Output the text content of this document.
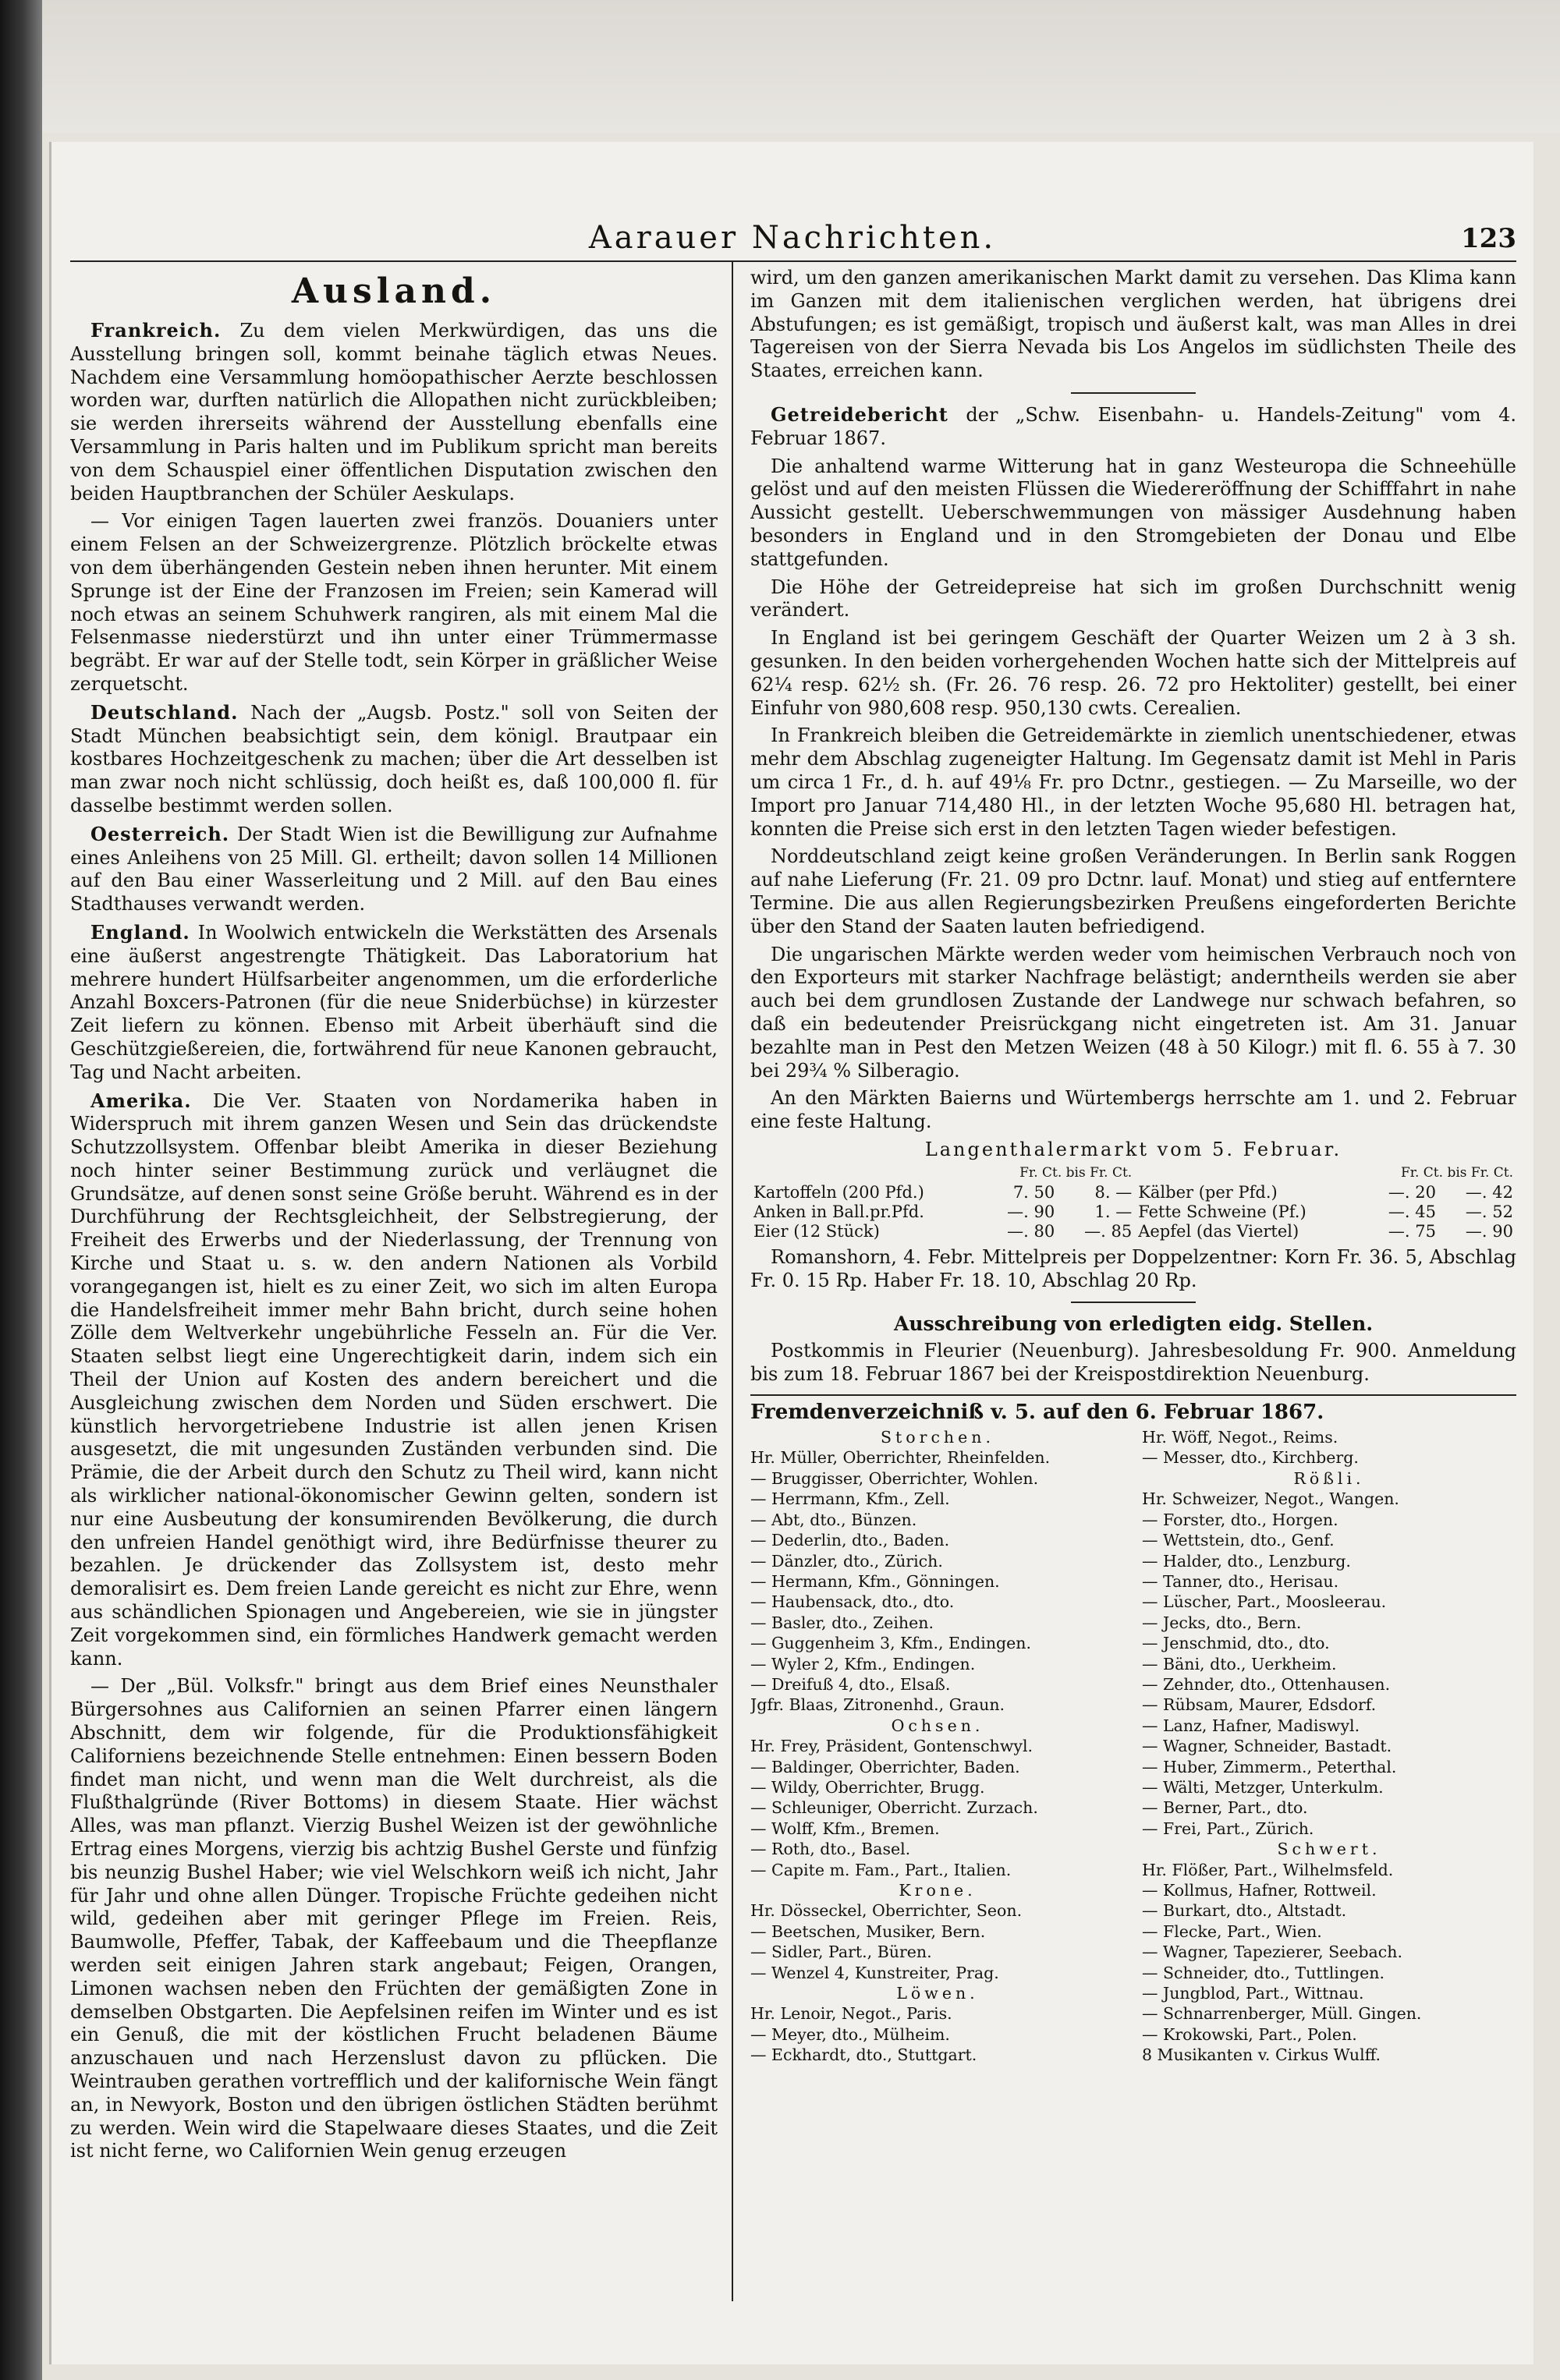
Aarauer Nachrichten.	123
Ausland.

Frankreich. Zu dem vielen Merkwürdigen, das uns die Ausstellung bringen soll, kommt beinahe täglich etwas Neues. Nachdem eine Versammlung homöopathischer Aerzte beschlossen worden war, durften natürlich die Allopathen nicht zurückbleiben; sie werden ihrerseits während der Ausstellung ebenfalls eine Versammlung in Paris halten und im Publikum spricht man bereits von dem Schauspiel einer öffentlichen Disputation zwischen den beiden Hauptbranchen der Schüler Aeskulaps.

— Vor einigen Tagen lauerten zwei französ. Douaniers unter einem Felsen an der Schweizergrenze. Plötzlich bröckelte etwas von dem überhängenden Gestein neben ihnen herunter. Mit einem Sprunge ist der Eine der Franzosen im Freien; sein Kamerad will noch etwas an seinem Schuhwerk rangiren, als mit einem Mal die Felsenmasse niederstürzt und ihn unter einer Trümmermasse begräbt. Er war auf der Stelle todt, sein Körper in gräßlicher Weise zerquetscht.

Deutschland. Nach der „Augsb. Postz." soll von Seiten der Stadt München beabsichtigt sein, dem königl. Brautpaar ein kostbares Hochzeitgeschenk zu machen; über die Art desselben ist man zwar noch nicht schlüssig, doch heißt es, daß 100,000 fl. für dasselbe bestimmt werden sollen.

Oesterreich. Der Stadt Wien ist die Bewilligung zur Aufnahme eines Anleihens von 25 Mill. Gl. ertheilt; davon sollen 14 Millionen auf den Bau einer Wasserleitung und 2 Mill. auf den Bau eines Stadthauses verwandt werden.

England. In Woolwich entwickeln die Werkstätten des Arsenals eine äußerst angestrengte Thätigkeit. Das Laboratorium hat mehrere hundert Hülfsarbeiter angenommen, um die erforderliche Anzahl Boxcers-Patronen (für die neue Sniderbüchse) in kürzester Zeit liefern zu können. Ebenso mit Arbeit überhäuft sind die Geschützgießereien, die, fortwährend für neue Kanonen gebraucht, Tag und Nacht arbeiten.

Amerika. Die Ver. Staaten von Nordamerika haben in Widerspruch mit ihrem ganzen Wesen und Sein das drückendste Schutzzollsystem. Offenbar bleibt Amerika in dieser Beziehung noch hinter seiner Bestimmung zurück und verläugnet die Grundsätze, auf denen sonst seine Größe beruht. Während es in der Durchführung der Rechtsgleichheit, der Selbstregierung, der Freiheit des Erwerbs und der Niederlassung, der Trennung von Kirche und Staat u. s. w. den andern Nationen als Vorbild vorangegangen ist, hielt es zu einer Zeit, wo sich im alten Europa die Handelsfreiheit immer mehr Bahn bricht, durch seine hohen Zölle dem Weltverkehr ungebührliche Fesseln an. Für die Ver. Staaten selbst liegt eine Ungerechtigkeit darin, indem sich ein Theil der Union auf Kosten des andern bereichert und die Ausgleichung zwischen dem Norden und Süden erschwert. Die künstlich hervorgetriebene Industrie ist allen jenen Krisen ausgesetzt, die mit ungesunden Zuständen verbunden sind. Die Prämie, die der Arbeit durch den Schutz zu Theil wird, kann nicht als wirklicher national-ökonomischer Gewinn gelten, sondern ist nur eine Ausbeutung der konsumirenden Bevölkerung, die durch den unfreien Handel genöthigt wird, ihre Bedürfnisse theurer zu bezahlen. Je drückender das Zollsystem ist, desto mehr demoralisirt es. Dem freien Lande gereicht es nicht zur Ehre, wenn aus schändlichen Spionagen und Angebereien, wie sie in jüngster Zeit vorgekommen sind, ein förmliches Handwerk gemacht werden kann.

— Der „Bül. Volksfr." bringt aus dem Brief eines Neunsthaler Bürgersohnes aus Californien an seinen Pfarrer einen längern Abschnitt, dem wir folgende, für die Produktionsfähigkeit Californiens bezeichnende Stelle entnehmen: Einen bessern Boden findet man nicht, und wenn man die Welt durchreist, als die Flußthalgründe (River Bottoms) in diesem Staate. Hier wächst Alles, was man pflanzt. Vierzig Bushel Weizen ist der gewöhnliche Ertrag eines Morgens, vierzig bis achtzig Bushel Gerste und fünfzig bis neunzig Bushel Haber; wie viel Welschkorn weiß ich nicht, Jahr für Jahr und ohne allen Dünger. Tropische Früchte gedeihen nicht wild, gedeihen aber mit geringer Pflege im Freien. Reis, Baumwolle, Pfeffer, Tabak, der Kaffeebaum und die Theepflanze werden seit einigen Jahren stark angebaut; Feigen, Orangen, Limonen wachsen neben den Früchten der gemäßigten Zone in demselben Obstgarten. Die Aepfelsinen reifen im Winter und es ist ein Genuß, die mit der köstlichen Frucht beladenen Bäume anzuschauen und nach Herzenslust davon zu pflücken. Die Weintrauben gerathen vortrefflich und der kalifornische Wein fängt an, in Newyork, Boston und den übrigen östlichen Städten berühmt zu werden. Wein wird die Stapelwaare dieses Staates, und die Zeit ist nicht ferne, wo Californien Wein genug erzeugen

wird, um den ganzen amerikanischen Markt damit zu versehen. Das Klima kann im Ganzen mit dem italienischen verglichen werden, hat übrigens drei Abstufungen; es ist gemäßigt, tropisch und äußerst kalt, was man Alles in drei Tagereisen von der Sierra Nevada bis Los Angelos im südlichsten Theile des Staates, erreichen kann.

Getreidebericht der „Schw. Eisenbahn- u. Handels-Zeitung" vom 4. Februar 1867.

Die anhaltend warme Witterung hat in ganz Westeuropa die Schneehülle gelöst und auf den meisten Flüssen die Wiedereröffnung der Schifffahrt in nahe Aussicht gestellt. Ueberschwemmungen von mässiger Ausdehnung haben besonders in England und in den Stromgebieten der Donau und Elbe stattgefunden.

Die Höhe der Getreidepreise hat sich im großen Durchschnitt wenig verändert.

In England ist bei geringem Geschäft der Quarter Weizen um 2 à 3 sh. gesunken. In den beiden vorhergehenden Wochen hatte sich der Mittelpreis auf 62¼ resp. 62½ sh. (Fr. 26. 76 resp. 26. 72 pro Hektoliter) gestellt, bei einer Einfuhr von 980,608 resp. 950,130 cwts. Cerealien.

In Frankreich bleiben die Getreidemärkte in ziemlich unentschiedener, etwas mehr dem Abschlag zugeneigter Haltung. Im Gegensatz damit ist Mehl in Paris um circa 1 Fr., d. h. auf 49⅛ Fr. pro Dctnr., gestiegen. — Zu Marseille, wo der Import pro Januar 714,480 Hl., in der letzten Woche 95,680 Hl. betragen hat, konnten die Preise sich erst in den letzten Tagen wieder befestigen.

Norddeutschland zeigt keine großen Veränderungen. In Berlin sank Roggen auf nahe Lieferung (Fr. 21. 09 pro Dctnr. lauf. Monat) und stieg auf entferntere Termine. Die aus allen Regierungsbezirken Preußens eingeforderten Berichte über den Stand der Saaten lauten befriedigend.

Die ungarischen Märkte werden weder vom heimischen Verbrauch noch von den Exporteurs mit starker Nachfrage belästigt; anderntheils werden sie aber auch bei dem grundlosen Zustande der Landwege nur schwach befahren, so daß ein bedeutender Preisrückgang nicht eingetreten ist. Am 31. Januar bezahlte man in Pest den Metzen Weizen (48 à 50 Kilogr.) mit fl. 6. 55 à 7. 30 bei 29¾ % Silberagio.

An den Märkten Baierns und Würtembergs herrschte am 1. und 2. Februar eine feste Haltung.

Langenthalermarkt vom 5. Februar.
	Fr. Ct. bis Fr. Ct.			Fr. Ct. bis Fr. Ct.	
Kartoffeln (200 Pfd.)	7. 50	8. —	Kälber (per Pfd.)	—. 20	—. 42
Anken in Ball.pr.Pfd.	—. 90	1. —	Fette Schweine (Pf.)	—. 45	—. 52
Eier (12 Stück)	—. 80	—. 85	Aepfel (das Viertel)	—. 75	—. 90

Romanshorn, 4. Febr. Mittelpreis per Doppelzentner: Korn Fr. 36. 5, Abschlag Fr. 0. 15 Rp. Haber Fr. 18. 10, Abschlag 20 Rp.

Ausschreibung von erledigten eidg. Stellen.

Postkommis in Fleurier (Neuenburg). Jahresbesoldung Fr. 900. Anmeldung bis zum 18. Februar 1867 bei der Kreispostdirektion Neuenburg.

Fremdenverzeichniß v. 5. auf den 6. Februar 1867.
Storchen.
Hr. Müller, Oberrichter, Rheinfelden.
— Bruggisser, Oberrichter, Wohlen.
— Herrmann, Kfm., Zell.
— Abt, dto., Bünzen.
— Dederlin, dto., Baden.
— Dänzler, dto., Zürich.
— Hermann, Kfm., Gönningen.
— Haubensack, dto., dto.
— Basler, dto., Zeihen.
— Guggenheim 3, Kfm., Endingen.
— Wyler 2, Kfm., Endingen.
— Dreifuß 4, dto., Elsaß.
Jgfr. Blaas, Zitronenhd., Graun.
Ochsen.
Hr. Frey, Präsident, Gontenschwyl.
— Baldinger, Oberrichter, Baden.
— Wildy, Oberrichter, Brugg.
— Schleuniger, Oberricht. Zurzach.
— Wolff, Kfm., Bremen.
— Roth, dto., Basel.
— Capite m. Fam., Part., Italien.
Krone.
Hr. Dösseckel, Oberrichter, Seon.
— Beetschen, Musiker, Bern.
— Sidler, Part., Büren.
— Wenzel 4, Kunstreiter, Prag.
Löwen.
Hr. Lenoir, Negot., Paris.
— Meyer, dto., Mülheim.
— Eckhardt, dto., Stuttgart.
Hr. Wöff, Negot., Reims.
— Messer, dto., Kirchberg.
Rößli.
Hr. Schweizer, Negot., Wangen.
— Forster, dto., Horgen.
— Wettstein, dto., Genf.
— Halder, dto., Lenzburg.
— Tanner, dto., Herisau.
— Lüscher, Part., Moosleerau.
— Jecks, dto., Bern.
— Jenschmid, dto., dto.
— Bäni, dto., Uerkheim.
— Zehnder, dto., Ottenhausen.
— Rübsam, Maurer, Edsdorf.
— Lanz, Hafner, Madiswyl.
— Wagner, Schneider, Bastadt.
— Huber, Zimmerm., Peterthal.
— Wälti, Metzger, Unterkulm.
— Berner, Part., dto.
— Frei, Part., Zürich.
Schwert.
Hr. Flößer, Part., Wilhelmsfeld.
— Kollmus, Hafner, Rottweil.
— Burkart, dto., Altstadt.
— Flecke, Part., Wien.
— Wagner, Tapezierer, Seebach.
— Schneider, dto., Tuttlingen.
— Jungblod, Part., Wittnau.
— Schnarrenberger, Müll. Gingen.
— Krokowski, Part., Polen.
8 Musikanten v. Cirkus Wulff.
